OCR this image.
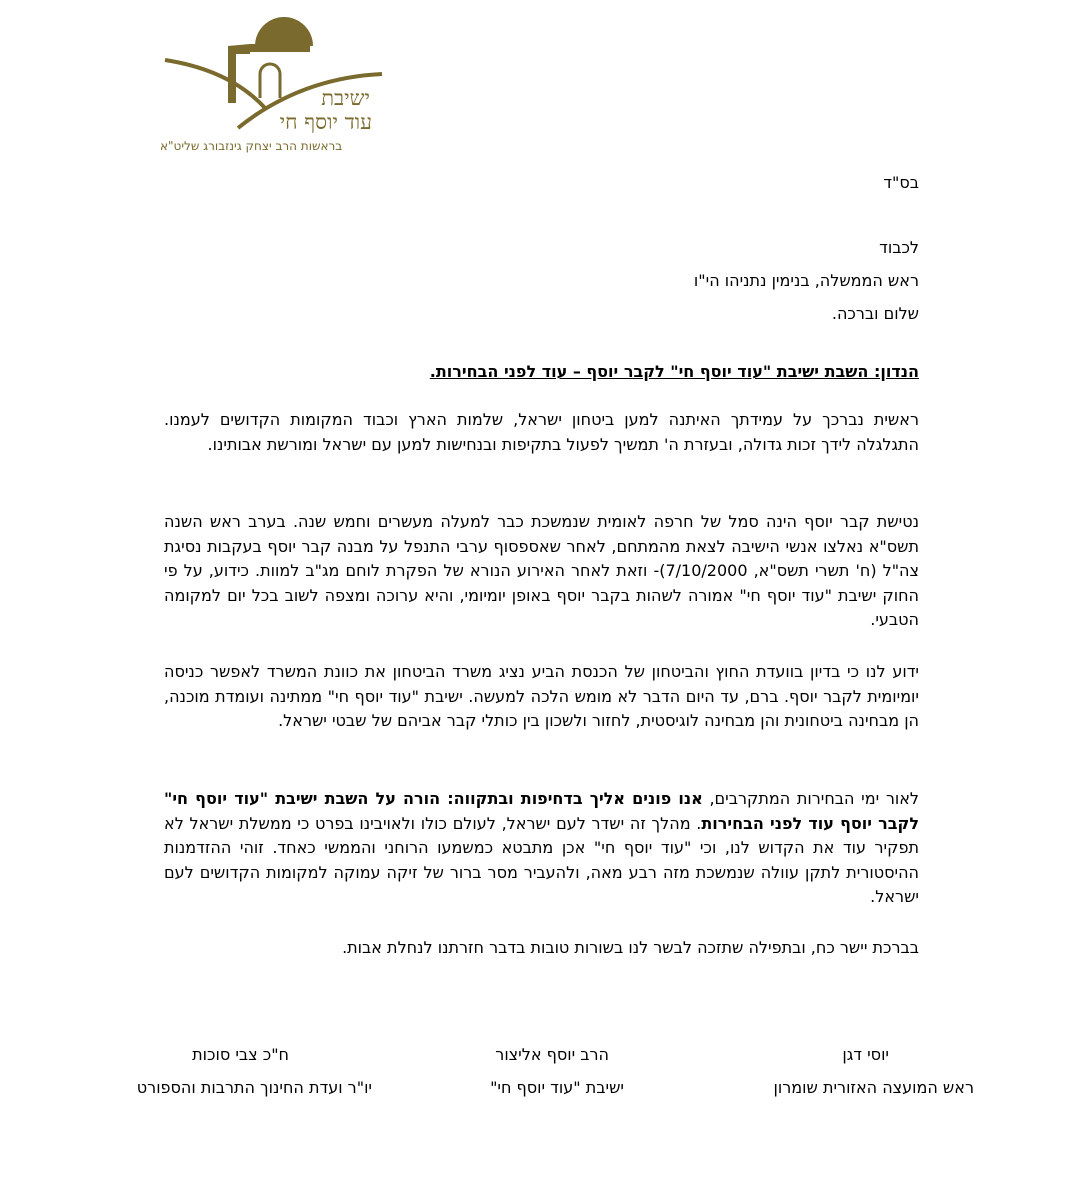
ישיבת
עוד יוסף חי
בראשות הרב יצחק גינזבורג שליט"א
בס"ד
לכבוד
ראש הממשלה, בנימין נתניהו הי"ו
שלום וברכה.
הנדון: השבת ישיבת "עוד יוסף חי" לקבר יוסף – עוד לפני הבחירות.
ראשית נברכך על עמידתך האיתנה למען ביטחון ישראל, שלמות הארץ וכבוד המקומות הקדושים לעמנו. התגלגלה לידך זכות גדולה, ובעזרת ה' תמשיך לפעול בתקיפות ובנחישות למען עם ישראל ומורשת אבותינו.
נטישת קבר יוסף הינה סמל של חרפה לאומית שנמשכת כבר למעלה מעשרים וחמש שנה. בערב ראש השנה תשס"א נאלצו אנשי הישיבה לצאת מהמתחם, לאחר שאספסוף ערבי התנפל על מבנה קבר יוסף בעקבות נסיגת צה"ל (ח' תשרי תשס"א, 7/10/2000)- וזאת לאחר האירוע הנורא של הפקרת לוחם מג"ב למוות. כידוע, על פי החוק ישיבת "עוד יוסף חי" אמורה לשהות בקבר יוסף באופן יומיומי, והיא ערוכה ומצפה לשוב בכל יום למקומה הטבעי.
ידוע לנו כי בדיון בוועדת החוץ והביטחון של הכנסת הביע נציג משרד הביטחון את כוונת המשרד לאפשר כניסה יומיומית לקבר יוסף. ברם, עד היום הדבר לא מומש הלכה למעשה. ישיבת "עוד יוסף חי" ממתינה ועומדת מוכנה, הן מבחינה ביטחונית והן מבחינה לוגיסטית, לחזור ולשכון בין כותלי קבר אביהם של שבטי ישראל.
לאור ימי הבחירות המתקרבים, אנו פונים אליך בדחיפות ובתקווה: הורה על השבת ישיבת "עוד יוסף חי" לקבר יוסף עוד לפני הבחירות. מהלך זה ישדר לעם ישראל, לעולם כולו ולאויבינו בפרט כי ממשלת ישראל לא תפקיר עוד את הקדוש לנו, וכי "עוד יוסף חי" אכן מתבטא כמשמעו הרוחני והממשי כאחד. זוהי ההזדמנות ההיסטורית לתקן עוולה שנמשכת מזה רבע מאה, ולהעביר מסר ברור של זיקה עמוקה למקומות הקדושים לעם ישראל.
בברכת יישר כח, ובתפילה שתזכה לבשר לנו בשורות טובות בדבר חזרתנו לנחלת אבות.
יוסי דגן
ראש המועצה האזורית שומרון
הרב יוסף אליצור
ישיבת "עוד יוסף חי"
ח"כ צבי סוכות
יו"ר ועדת החינוך התרבות והספורט
